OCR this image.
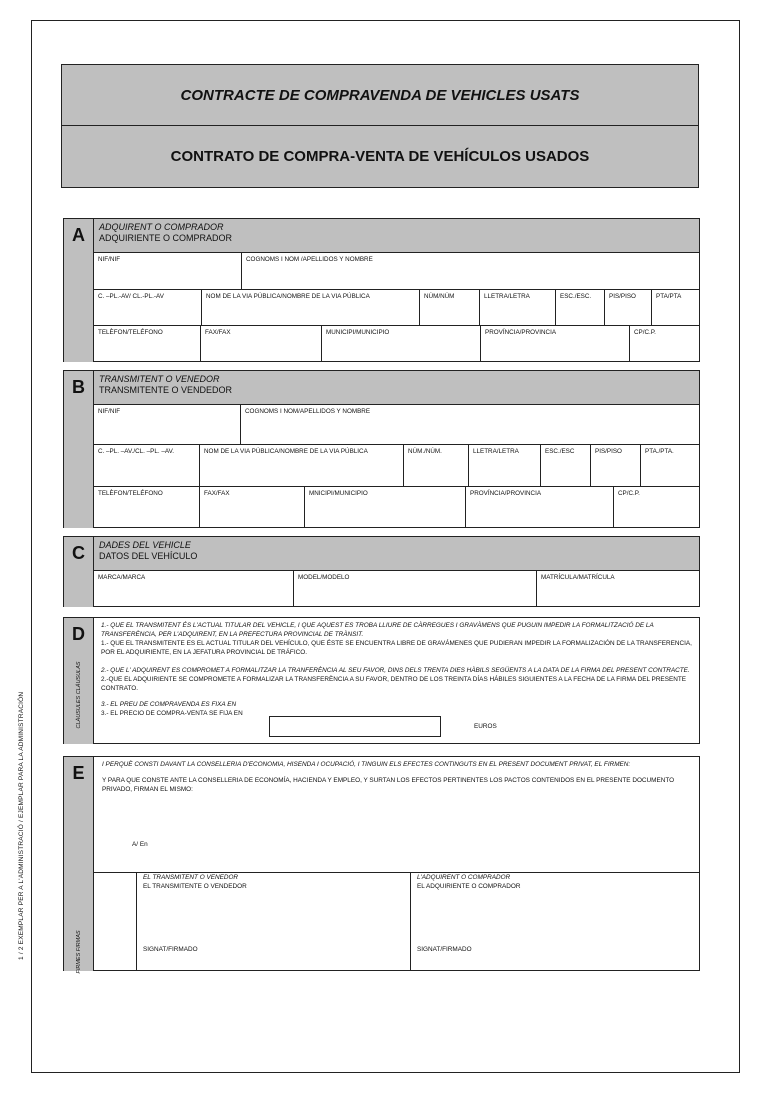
1 / 2 EXEMPLAR PER A L'ADMINISTRACIÓ / EJEMPLAR PARA LA ADMINISTRACIÓN
CONTRACTE DE COMPRAVENDA DE VEHICLES USATS
CONTRATO DE COMPRA-VENTA DE VEHÍCULOS USADOS
A	ADQUIRENT O COMPRADOR
ADQUIRIENTE O COMPRADOR
NIF/NIF	COGNOMS I NOM /APELLIDOS Y NOMBRE
C. –PL.-AV/ CL.-PL.-AV	NOM DE LA VIA PÚBLICA/NOMBRE DE LA VIA PÚBLICA	NÚM/NÚM	LLETRA/LETRA	ESC./ESC.	PIS/PISO	PTA/PTA
TELÈFON/TELÉFONO	FAX/FAX	MUNICIPI/MUNICIPIO	PROVÍNCIA/PROVINCIA	CP/C.P.
B	TRANSMITENT O VENEDOR
TRANSMITENTE O VENDEDOR
NIF/NIF	COGNOMS I NOM/APELLIDOS Y NOMBRE
C. –PL. –AV./CL. –PL. –AV.	NOM DE LA VIA PÚBLICA/NOMBRE DE LA VIA PÚBLICA	NÚM./NÚM.	LLETRA/LETRA	ESC./ESC	PIS/PISO	PTA./PTA.
TELÈFON/TELÉFONO	FAX/FAX	MNICIPI/MUNICIPIO	PROVÍNCIA/PROVINCIA	CP/C.P.
C	DADES DEL VEHICLE
DATOS DEL VEHÍCULO
MARCA/MARCA	MODEL/MODELO	MATRÍCULA/MATRÍCULA
D
CLÀUSULES CLÁUSULAS
1.- QUE EL TRANSMITENT ÉS L'ACTUAL TITULAR DEL VEHICLE, I QUE AQUEST ES TROBA LLIURE DE CÀRREGUES I GRAVÀMENS QUE PUGUIN IMPEDIR LA FORMALITZACIÓ DE LA TRANSFERÈNCIA, PER L'ADQUIRENT, EN LA PREFECTURA PROVINCIAL DE TRÀNSIT.
1.- QUE EL TRANSMITENTE ES EL ACTUAL TITULAR DEL VEHÍCULO, QUE ÉSTE SE ENCUENTRA LIBRE DE GRAVÁMENES QUE PUDIERAN IMPEDIR LA FORMALIZACIÓN DE LA TRANSFERENCIA, POR EL ADQUIRIENTE, EN LA JEFATURA PROVINCIAL DE TRÁFICO.
2.- QUE L' ADQUIRENT ES COMPROMET A FORMALITZAR LA TRANFERÈNCIA AL SEU FAVOR, DINS DELS TRENTA DIES HÀBILS SEGÜENTS A LA DATA DE LA FIRMA DEL PRESENT CONTRACTE.
2.-QUE EL ADQUIRIENTE SE COMPROMETE A FORMALIZAR LA TRANSFERÈNCIA A SU FAVOR, DENTRO DE LOS TREINTA DÍAS HÁBILES SIGUIENTES A LA FECHA DE LA FIRMA DEL PRESENTE CONTRATO.
3.- EL PREU DE COMPRAVENDA ES FIXA EN
3.- EL PRECIO DE COMPRA-VENTA SE FIJA EN
EUROS
E
FIRMES FIRMAS
I PERQUÈ CONSTI DAVANT LA CONSELLERIA D'ECONOMIA, HISENDA I OCUPACIÓ, I TINGUIN ELS EFECTES CONTINGUTS EN EL PRESENT DOCUMENT PRIVAT, EL FIRMEN:
Y PARA QUE CONSTE ANTE LA CONSELLERIA DE ECONOMÍA, HACIENDA Y EMPLEO, Y SURTAN LOS EFECTOS PERTINENTES LOS PACTOS CONTENIDOS EN EL PRESENTE DOCUMENTO PRIVADO, FIRMAN EL MISMO:
A/ En
EL TRANSMITENT O VENEDOR
EL TRANSMITENTE O VENDEDOR
SIGNAT/FIRMADO
L'ADQUIRENT O COMPRADOR
EL ADQUIRIENTE O COMPRADOR
SIGNAT/FIRMADO
